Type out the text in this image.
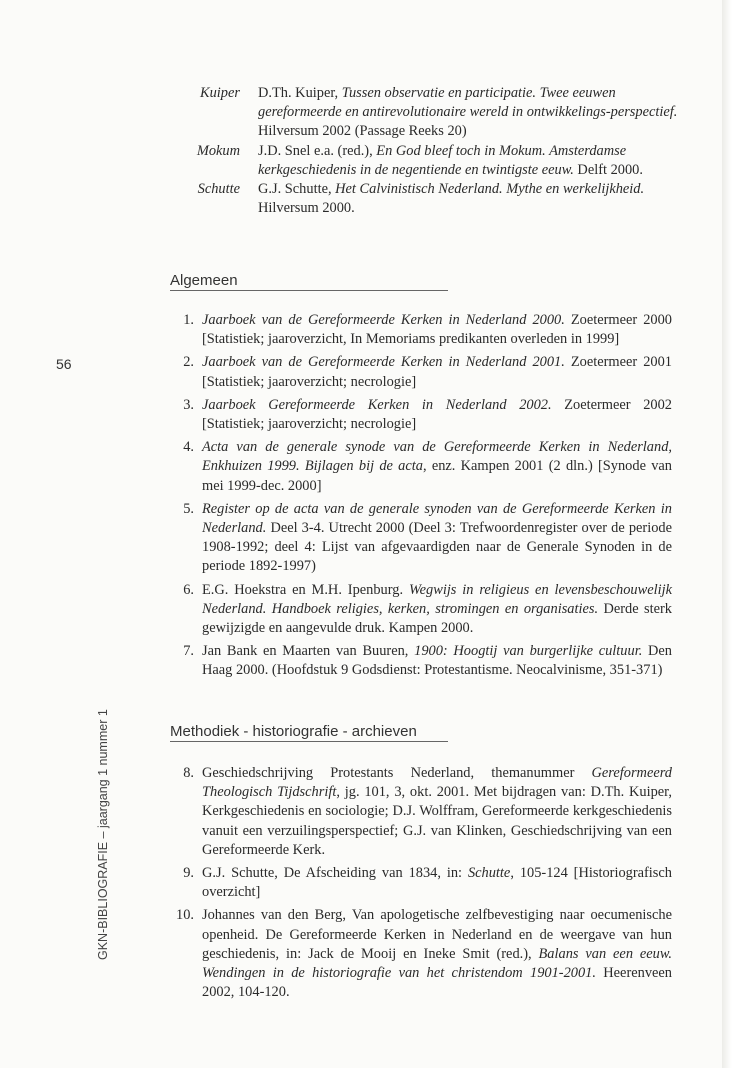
56
GKN-BIBLIOGRAFIE – jaargang 1 nummer 1
Kuiper D.Th. Kuiper, Tussen observatie en participatie. Twee eeuwen gereformeerde en antirevolutionaire wereld in ontwikkelings-perspectief. Hilversum 2002 (Passage Reeks 20)
Mokum J.D. Snel e.a. (red.), En God bleef toch in Mokum. Amsterdamse kerkgeschiedenis in de negentiende en twintigste eeuw. Delft 2000.
Schutte G.J. Schutte, Het Calvinistisch Nederland. Mythe en werkelijkheid. Hilversum 2000.
Algemeen
1. Jaarboek van de Gereformeerde Kerken in Nederland 2000. Zoetermeer 2000 [Statistiek; jaaroverzicht, In Memoriams predikanten overleden in 1999]
2. Jaarboek van de Gereformeerde Kerken in Nederland 2001. Zoetermeer 2001 [Statistiek; jaaroverzicht; necrologie]
3. Jaarboek Gereformeerde Kerken in Nederland 2002. Zoetermeer 2002 [Statistiek; jaaroverzicht; necrologie]
4. Acta van de generale synode van de Gereformeerde Kerken in Nederland, Enkhuizen 1999. Bijlagen bij de acta, enz. Kampen 2001 (2 dln.) [Synode van mei 1999-dec. 2000]
5. Register op de acta van de generale synoden van de Gereformeerde Kerken in Nederland. Deel 3-4. Utrecht 2000 (Deel 3: Trefwoordenregister over de periode 1908-1992; deel 4: Lijst van afgevaardigden naar de Generale Synoden in de periode 1892-1997)
6. E.G. Hoekstra en M.H. Ipenburg. Wegwijs in religieus en levensbeschouwelijk Nederland. Handboek religies, kerken, stromingen en organisaties. Derde sterk gewijzigde en aangevulde druk. Kampen 2000.
7. Jan Bank en Maarten van Buuren, 1900: Hoogtij van burgerlijke cultuur. Den Haag 2000. (Hoofdstuk 9 Godsdienst: Protestantisme. Neocalvinisme, 351-371)
Methodiek - historiografie - archieven
8. Geschiedschrijving Protestants Nederland, themanummer Gereformeerd Theologisch Tijdschrift, jg. 101, 3, okt. 2001. Met bijdragen van: D.Th. Kuiper, Kerkgeschiedenis en sociologie; D.J. Wolffram, Gereformeerde kerkgeschiedenis vanuit een verzuilingsperspectief; G.J. van Klinken, Geschiedschrijving van een Gereformeerde Kerk.
9. G.J. Schutte, De Afscheiding van 1834, in: Schutte, 105-124 [Historiografisch overzicht]
10. Johannes van den Berg, Van apologetische zelfbevestiging naar oecumenische openheid. De Gereformeerde Kerken in Nederland en de weergave van hun geschiedenis, in: Jack de Mooij en Ineke Smit (red.), Balans van een eeuw. Wendingen in de historiografie van het christendom 1901-2001. Heerenveen 2002, 104-120.
